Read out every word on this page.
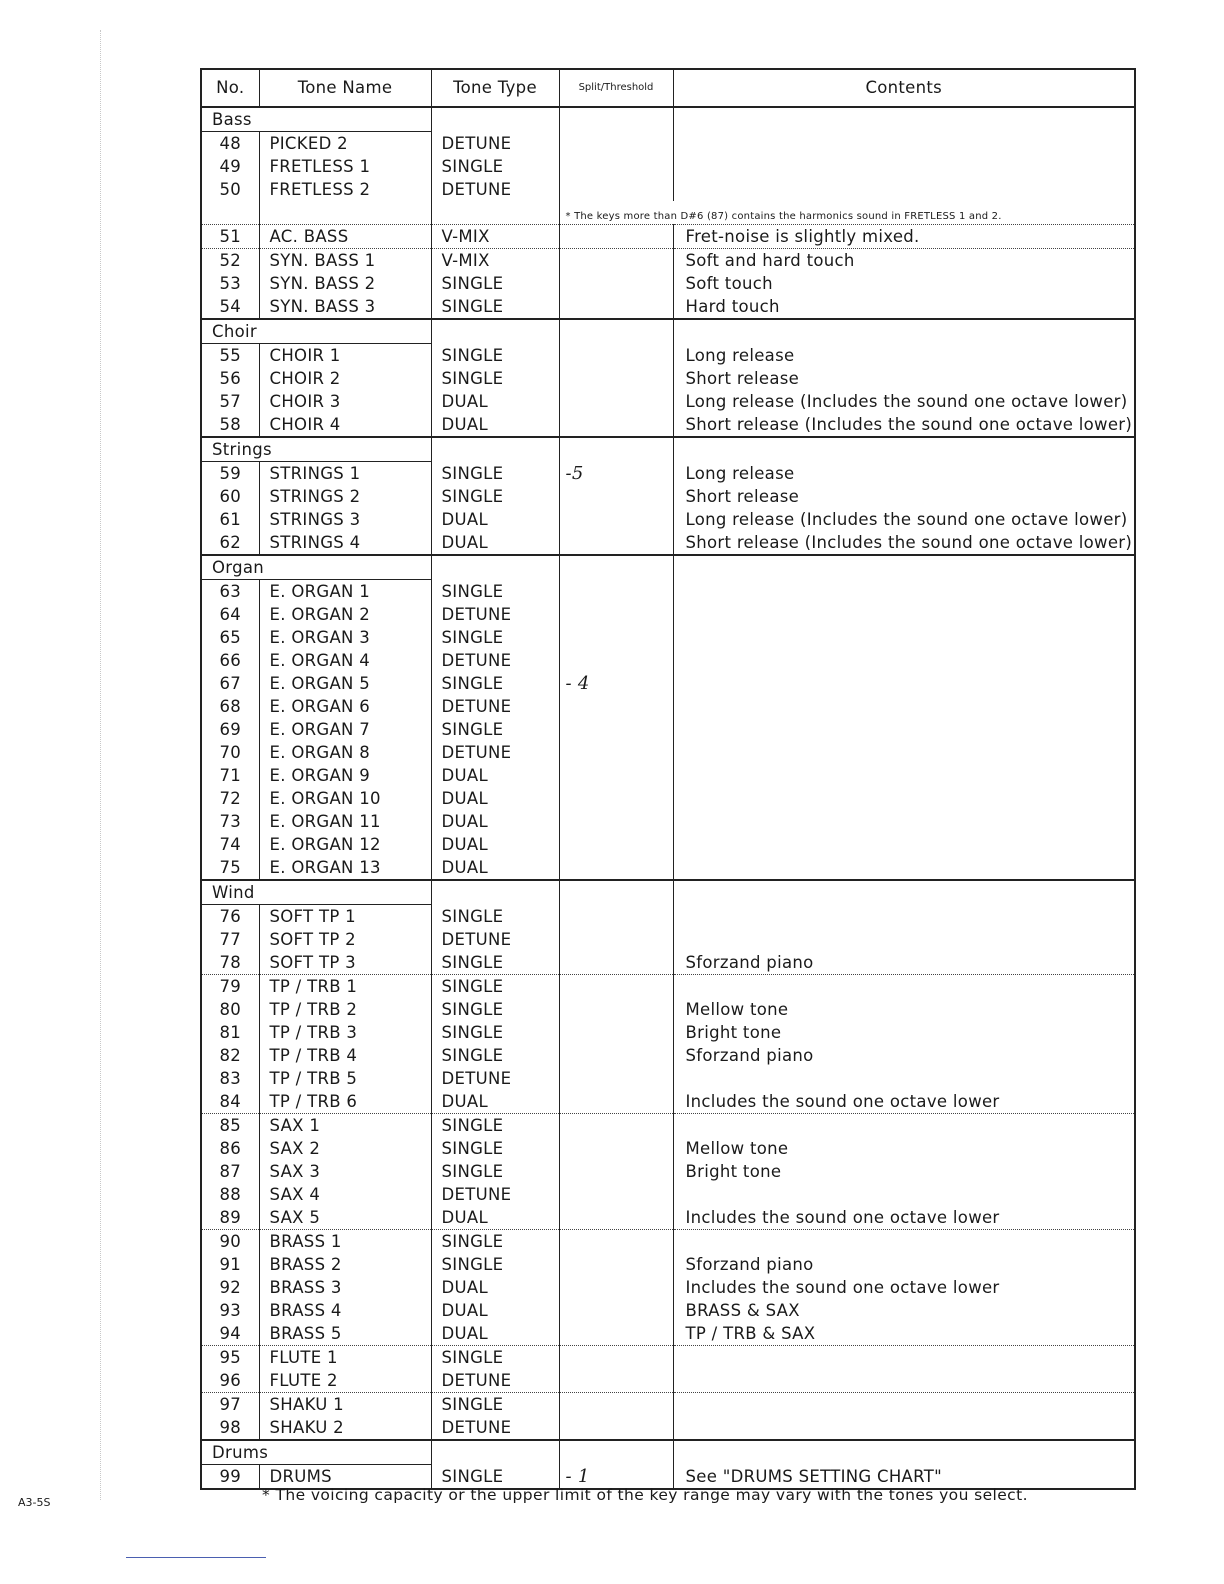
No.	Tone Name	Tone Type	Split/Threshold	Contents
Bass				
48	PICKED 2	DETUNE		
49	FRETLESS 1	SINGLE		
50	FRETLESS 2	DETUNE		
			* The keys more than D#6 (87) contains the harmonics sound in FRETLESS 1 and 2.	
51	AC. BASS	V-MIX		Fret-noise is slightly mixed.
52	SYN. BASS 1	V-MIX		Soft and hard touch
53	SYN. BASS 2	SINGLE		Soft touch
54	SYN. BASS 3	SINGLE		Hard touch
Choir				
55	CHOIR 1	SINGLE		Long release
56	CHOIR 2	SINGLE		Short release
57	CHOIR 3	DUAL		Long release (Includes the sound one octave lower)
58	CHOIR 4	DUAL		Short release (Includes the sound one octave lower)
Strings				
59	STRINGS 1	SINGLE	-5	Long release
60	STRINGS 2	SINGLE		Short release
61	STRINGS 3	DUAL		Long release (Includes the sound one octave lower)
62	STRINGS 4	DUAL		Short release (Includes the sound one octave lower)
Organ				
63	E. ORGAN 1	SINGLE		
64	E. ORGAN 2	DETUNE		
65	E. ORGAN 3	SINGLE		
66	E. ORGAN 4	DETUNE		
67	E. ORGAN 5	SINGLE	- 4	
68	E. ORGAN 6	DETUNE		
69	E. ORGAN 7	SINGLE		
70	E. ORGAN 8	DETUNE		
71	E. ORGAN 9	DUAL		
72	E. ORGAN 10	DUAL		
73	E. ORGAN 11	DUAL		
74	E. ORGAN 12	DUAL		
75	E. ORGAN 13	DUAL		
Wind				
76	SOFT TP 1	SINGLE		
77	SOFT TP 2	DETUNE		
78	SOFT TP 3	SINGLE		Sforzand piano
79	TP / TRB 1	SINGLE		
80	TP / TRB 2	SINGLE		Mellow tone
81	TP / TRB 3	SINGLE		Bright tone
82	TP / TRB 4	SINGLE		Sforzand piano
83	TP / TRB 5	DETUNE		
84	TP / TRB 6	DUAL		Includes the sound one octave lower
85	SAX 1	SINGLE		
86	SAX 2	SINGLE		Mellow tone
87	SAX 3	SINGLE		Bright tone
88	SAX 4	DETUNE		
89	SAX 5	DUAL		Includes the sound one octave lower
90	BRASS 1	SINGLE		
91	BRASS 2	SINGLE		Sforzand piano
92	BRASS 3	DUAL		Includes the sound one octave lower
93	BRASS 4	DUAL		BRASS & SAX
94	BRASS 5	DUAL		TP / TRB & SAX
95	FLUTE 1	SINGLE		
96	FLUTE 2	DETUNE		
97	SHAKU 1	SINGLE		
98	SHAKU 2	DETUNE		
Drums				
99	DRUMS	SINGLE	- 1	See "DRUMS SETTING CHART"
* The voicing capacity or the upper limit of the key range may vary with the tones you select.
A3-5S
